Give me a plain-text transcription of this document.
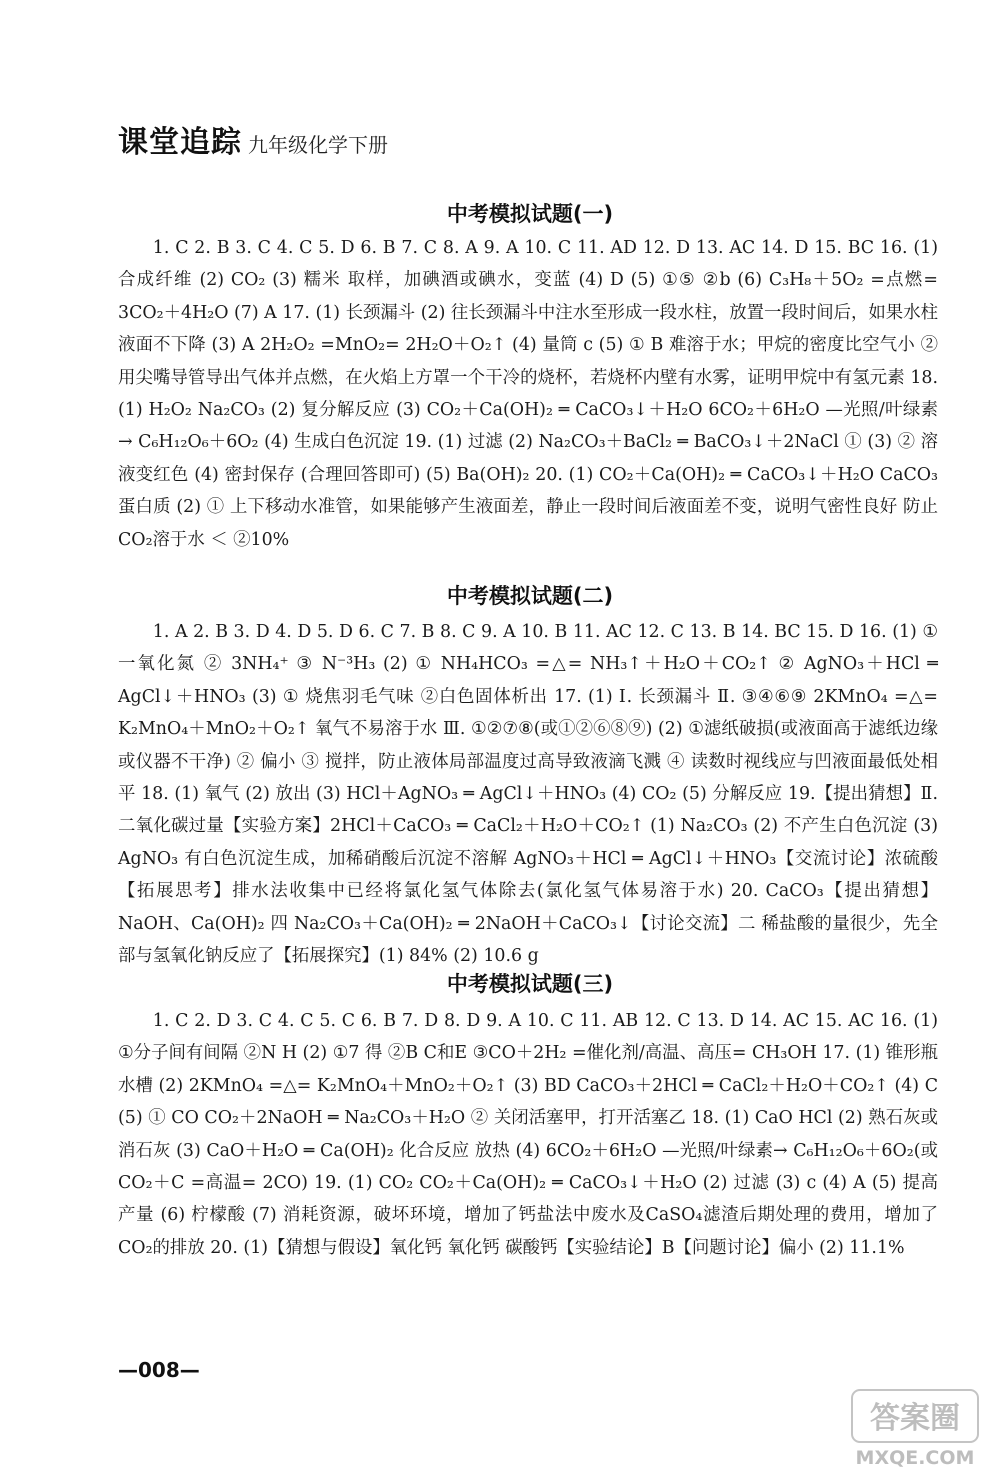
课堂追踪 九年级化学下册
中考模拟试题(一)

1. C 2. B 3. C 4. C 5. D 6. B 7. C 8. A 9. A 10. C 11. AD 12. D 13. AC 14. D 15. BC 16. (1) 合成纤维 (2) CO₂ (3) 糯米 取样，加碘酒或碘水，变蓝 (4) D (5) ①⑤ ②b (6) C₃H₈＋5O₂ =点燃= 3CO₂＋4H₂O (7) A 17. (1) 长颈漏斗 (2) 往长颈漏斗中注水至形成一段水柱，放置一段时间后，如果水柱液面不下降 (3) A 2H₂O₂ =MnO₂= 2H₂O＋O₂↑ (4) 量筒 c (5) ① B 难溶于水；甲烷的密度比空气小 ② 用尖嘴导管导出气体并点燃，在火焰上方罩一个干冷的烧杯，若烧杯内壁有水雾，证明甲烷中有氢元素 18. (1) H₂O₂ Na₂CO₃ (2) 复分解反应 (3) CO₂＋Ca(OH)₂ ═ CaCO₃↓＋H₂O 6CO₂＋6H₂O —光照/叶绿素→ C₆H₁₂O₆＋6O₂ (4) 生成白色沉淀 19. (1) 过滤 (2) Na₂CO₃＋BaCl₂ ═ BaCO₃↓＋2NaCl ① (3) ② 溶液变红色 (4) 密封保存 (合理回答即可) (5) Ba(OH)₂ 20. (1) CO₂＋Ca(OH)₂ ═ CaCO₃↓＋H₂O CaCO₃ 蛋白质 (2) ① 上下移动水准管，如果能够产生液面差，静止一段时间后液面差不变，说明气密性良好 防止CO₂溶于水 ＜ ②10%

中考模拟试题(二)

1. A 2. B 3. D 4. D 5. D 6. C 7. B 8. C 9. A 10. B 11. AC 12. C 13. B 14. BC 15. D 16. (1) ① 一氧化氮 ② 3NH₄⁺ ③ N⁻³H₃ (2) ① NH₄HCO₃ =△= NH₃↑＋H₂O＋CO₂↑ ② AgNO₃＋HCl ═ AgCl↓＋HNO₃ (3) ① 烧焦羽毛气味 ②白色固体析出 17. (1) Ⅰ. 长颈漏斗 Ⅱ. ③④⑥⑨ 2KMnO₄ =△= K₂MnO₄＋MnO₂＋O₂↑ 氧气不易溶于水 Ⅲ. ①②⑦⑧(或①②⑥⑧⑨) (2) ①滤纸破损(或液面高于滤纸边缘或仪器不干净) ② 偏小 ③ 搅拌，防止液体局部温度过高导致液滴飞溅 ④ 读数时视线应与凹液面最低处相平 18. (1) 氧气 (2) 放出 (3) HCl＋AgNO₃ ═ AgCl↓＋HNO₃ (4) CO₂ (5) 分解反应 19.【提出猜想】Ⅱ. 二氧化碳过量【实验方案】2HCl＋CaCO₃ ═ CaCl₂＋H₂O＋CO₂↑ (1) Na₂CO₃ (2) 不产生白色沉淀 (3) AgNO₃ 有白色沉淀生成，加稀硝酸后沉淀不溶解 AgNO₃＋HCl ═ AgCl↓＋HNO₃【交流讨论】浓硫酸【拓展思考】排水法收集中已经将氯化氢气体除去(氯化氢气体易溶于水) 20. CaCO₃【提出猜想】NaOH、Ca(OH)₂ 四 Na₂CO₃＋Ca(OH)₂ ═ 2NaOH＋CaCO₃↓【讨论交流】二 稀盐酸的量很少，先全部与氢氧化钠反应了【拓展探究】(1) 84% (2) 10.6 g

中考模拟试题(三)

1. C 2. D 3. C 4. C 5. C 6. B 7. D 8. D 9. A 10. C 11. AB 12. C 13. D 14. AC 15. AC 16. (1) ①分子间有间隔 ②N H (2) ①7 得 ②B C和E ③CO＋2H₂ =催化剂/高温、高压= CH₃OH 17. (1) 锥形瓶 水槽 (2) 2KMnO₄ =△= K₂MnO₄＋MnO₂＋O₂↑ (3) BD CaCO₃＋2HCl ═ CaCl₂＋H₂O＋CO₂↑ (4) C (5) ① CO CO₂＋2NaOH ═ Na₂CO₃＋H₂O ② 关闭活塞甲，打开活塞乙 18. (1) CaO HCl (2) 熟石灰或消石灰 (3) CaO＋H₂O ═ Ca(OH)₂ 化合反应 放热 (4) 6CO₂＋6H₂O —光照/叶绿素→ C₆H₁₂O₆＋6O₂(或CO₂＋C =高温= 2CO) 19. (1) CO₂ CO₂＋Ca(OH)₂ ═ CaCO₃↓＋H₂O (2) 过滤 (3) c (4) A (5) 提高产量 (6) 柠檬酸 (7) 消耗资源，破坏环境，增加了钙盐法中废水及CaSO₄滤渣后期处理的费用，增加了CO₂的排放 20. (1)【猜想与假设】氧化钙 氧化钙 碳酸钙【实验结论】B【问题讨论】偏小 (2) 11.1%

—008—
答案圈
MXQE.COM
